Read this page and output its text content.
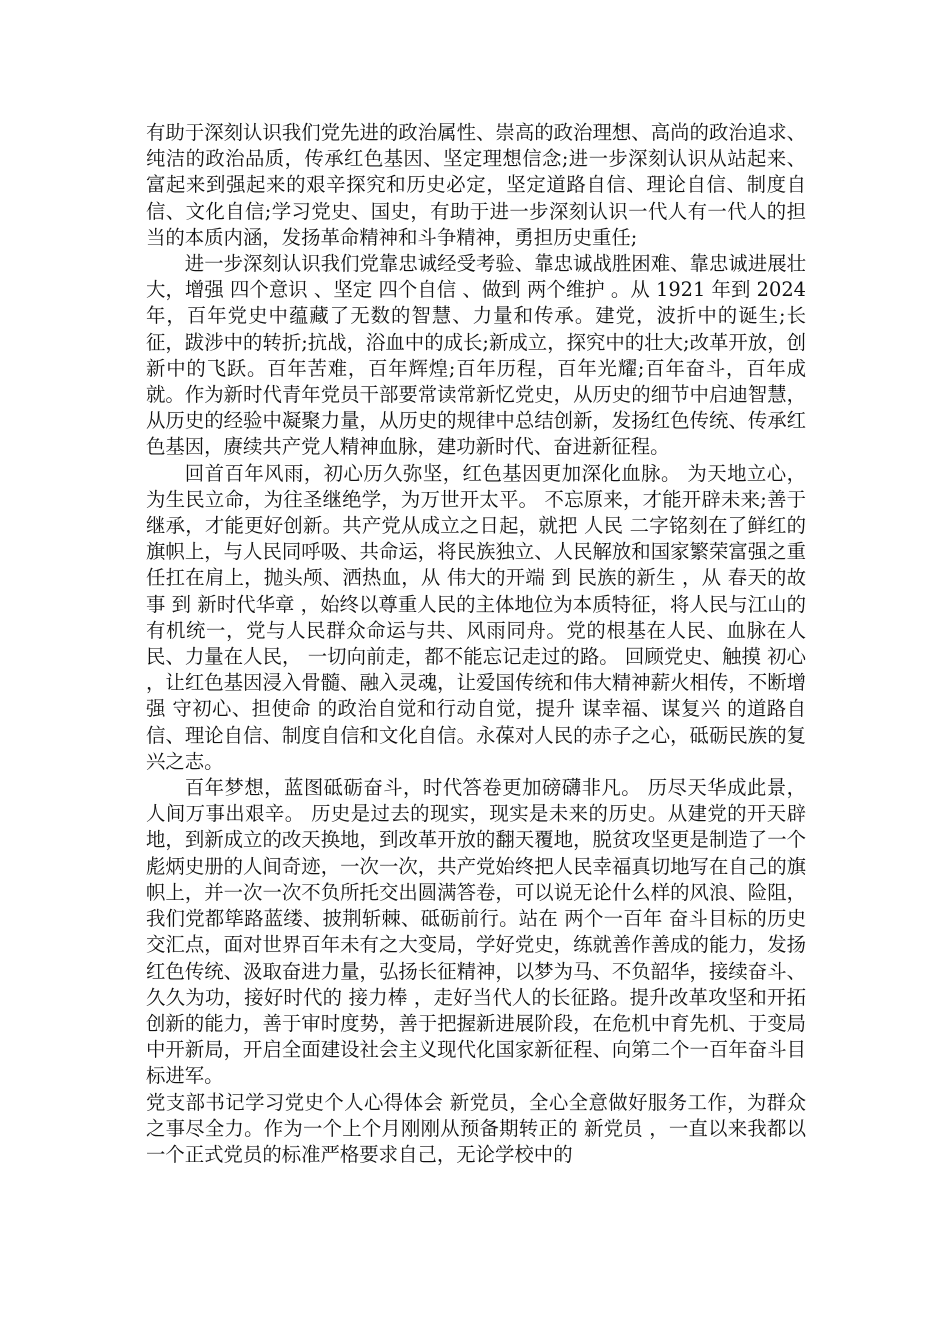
有助于深刻认识我们党先进的政治属性、崇高的政治理想、高尚的政治追求、纯洁的政治品质，传承红色基因、坚定理想信念;进一步深刻认识从站起来、富起来到强起来的艰辛探究和历史必定，坚定道路自信、理论自信、制度自信、文化自信;学习党史、国史，有助于进一步深刻认识一代人有一代人的担当的本质内涵，发扬革命精神和斗争精神，勇担历史重任;

进一步深刻认识我们党靠忠诚经受考验、靠忠诚战胜困难、靠忠诚进展壮大，增强 四个意识 、坚定 四个自信 、做到 两个维护 。从 1921 年到 2024 年，百年党史中蕴藏了无数的智慧、力量和传承。建党，波折中的诞生;长征，跋涉中的转折;抗战，浴血中的成长;新成立，探究中的壮大;改革开放，创新中的飞跃。百年苦难，百年辉煌;百年历程，百年光耀;百年奋斗，百年成就。作为新时代青年党员干部要常读常新忆党史，从历史的细节中启迪智慧，从历史的经验中凝聚力量，从历史的规律中总结创新，发扬红色传统、传承红色基因，赓续共产党人精神血脉，建功新时代、奋进新征程。

回首百年风雨，初心历久弥坚，红色基因更加深化血脉。 为天地立心，为生民立命，为往圣继绝学，为万世开太平。 不忘原来，才能开辟未来;善于继承，才能更好创新。共产党从成立之日起，就把 人民 二字铭刻在了鲜红的旗帜上，与人民同呼吸、共命运，将民族独立、人民解放和国家繁荣富强之重任扛在肩上，抛头颅、洒热血，从 伟大的开端 到 民族的新生 ，从 春天的故事 到 新时代华章 ，始终以尊重人民的主体地位为本质特征，将人民与江山的有机统一，党与人民群众命运与共、风雨同舟。党的根基在人民、血脉在人民、力量在人民， 一切向前走，都不能忘记走过的路。 回顾党史、触摸 初心 ，让红色基因浸入骨髓、融入灵魂，让爱国传统和伟大精神薪火相传，不断增强 守初心、担使命 的政治自觉和行动自觉，提升 谋幸福、谋复兴 的道路自信、理论自信、制度自信和文化自信。永葆对人民的赤子之心，砥砺民族的复兴之志。

百年梦想，蓝图砥砺奋斗，时代答卷更加磅礴非凡。 历尽天华成此景，人间万事出艰辛。 历史是过去的现实，现实是未来的历史。从建党的开天辟地，到新成立的改天换地，到改革开放的翻天覆地，脱贫攻坚更是制造了一个彪炳史册的人间奇迹，一次一次，共产党始终把人民幸福真切地写在自己的旗帜上，并一次一次不负所托交出圆满答卷，可以说无论什么样的风浪、险阻，我们党都筚路蓝缕、披荆斩棘、砥砺前行。站在 两个一百年 奋斗目标的历史交汇点，面对世界百年未有之大变局，学好党史，练就善作善成的能力，发扬红色传统、汲取奋进力量，弘扬长征精神，以梦为马、不负韶华，接续奋斗、久久为功，接好时代的 接力棒 ，走好当代人的长征路。提升改革攻坚和开拓创新的能力，善于审时度势，善于把握新进展阶段，在危机中育先机、于变局中开新局，开启全面建设社会主义现代化国家新征程、向第二个一百年奋斗目标进军。

党支部书记学习党史个人心得体会 新党员，全心全意做好服务工作，为群众之事尽全力。作为一个上个月刚刚从预备期转正的 新党员 ，一直以来我都以一个正式党员的标准严格要求自己，无论学校中的
